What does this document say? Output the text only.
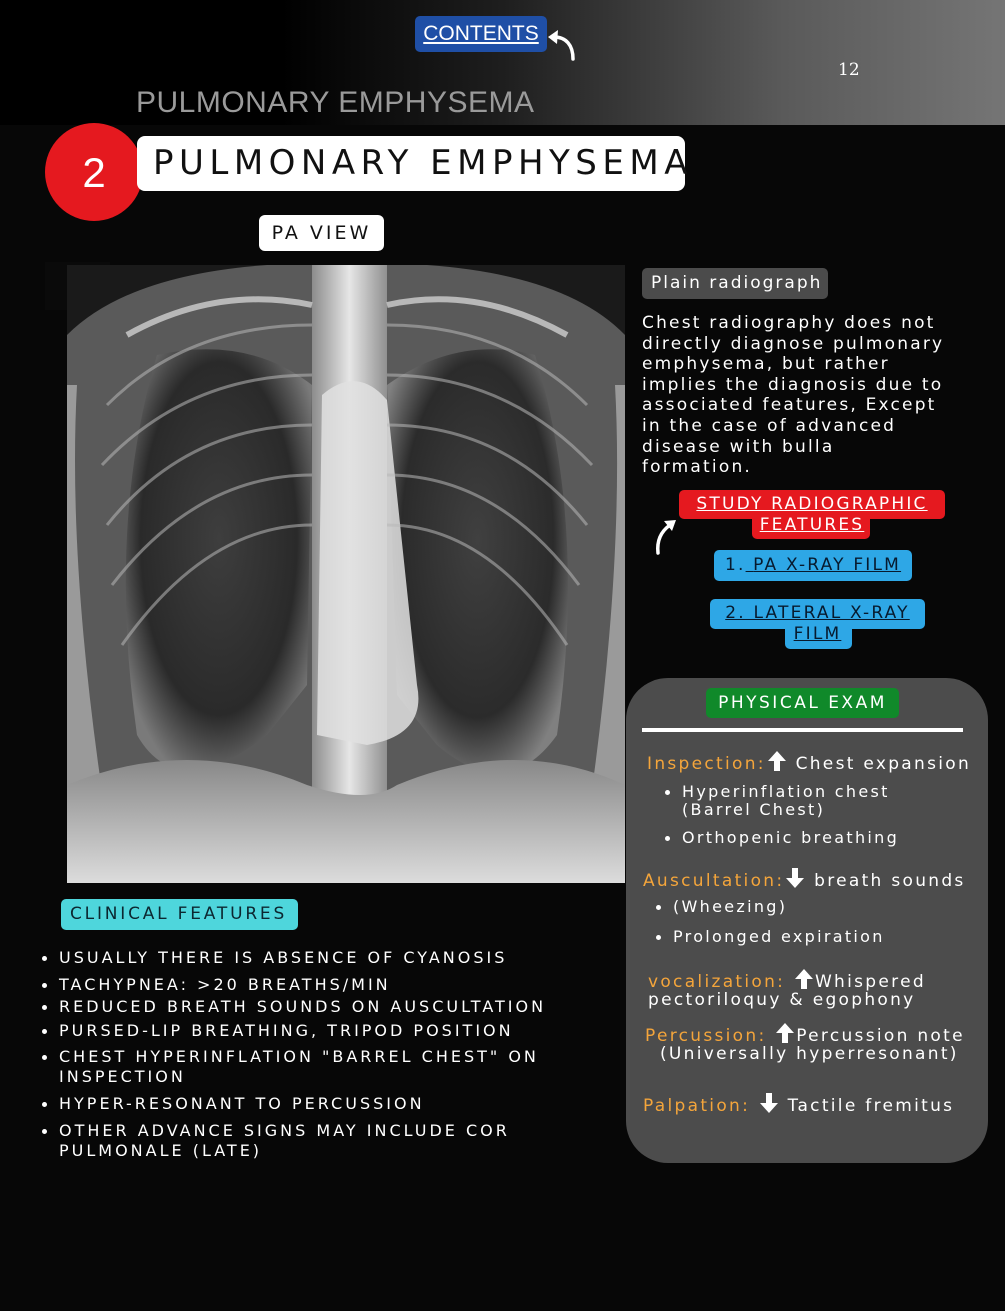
CONTENTS
12
PULMONARY EMPHYSEMA
2	PULMONARY EMPHYSEMA
PA VIEW
Plain radiograph
Chest radiography does not
directly diagnose pulmonary
emphysema, but rather
implies the diagnosis due to
associated features, Except
in the case of advanced
disease with bulla
formation.
STUDY RADIOGRAPHIC
FEATURES
1. PA X-RAY FILM
2. LATERAL X-RAY
FILM
PHYSICAL EXAM
Inspection: Chest expansion
Hyperinflation chest (Barrel Chest)
Orthopenic breathing
Auscultation: breath sounds
(Wheezing)
Prolonged expiration
vocalization: Whispered
pectoriloquy & egophony
Percussion: Percussion note
(Universally hyperresonant)
Palpation: Tactile fremitus
CLINICAL FEATURES
USUALLY THERE IS ABSENCE OF CYANOSIS
TACHYPNEA: >20 BREATHS/MIN
REDUCED BREATH SOUNDS ON AUSCULTATION
PURSED-LIP BREATHING, TRIPOD POSITION
CHEST HYPERINFLATION "BARREL CHEST" ON INSPECTION
HYPER-RESONANT TO PERCUSSION
OTHER ADVANCE SIGNS MAY INCLUDE COR PULMONALE (LATE)
